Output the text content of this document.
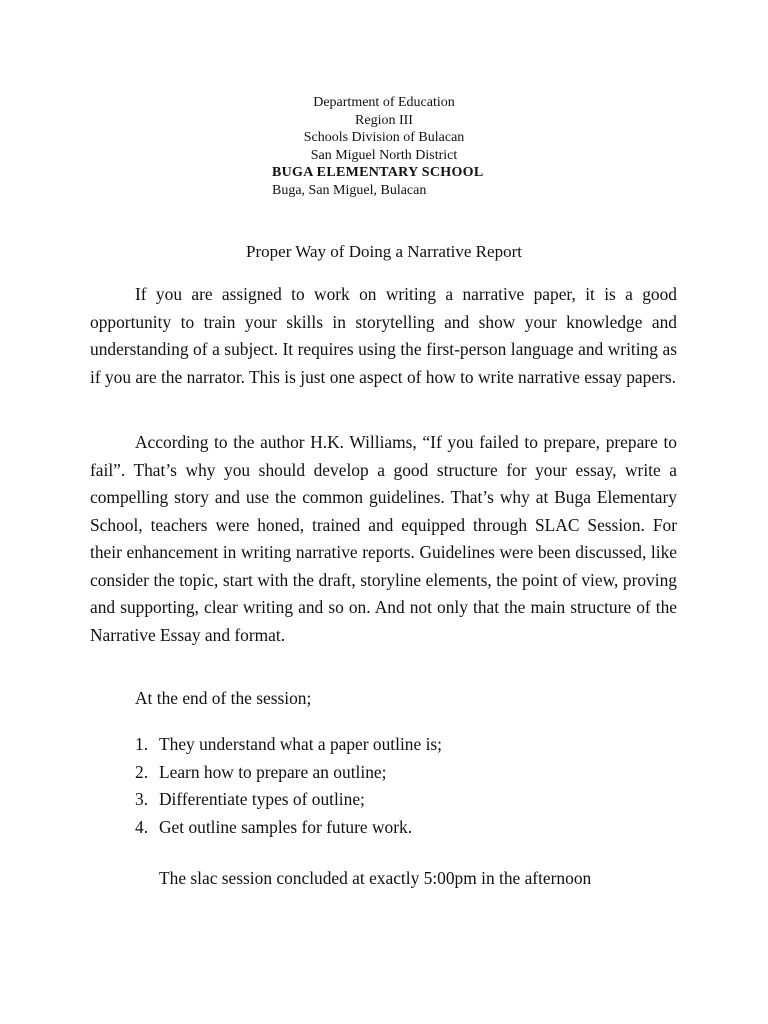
Department of Education
Region III
Schools Division of Bulacan
San Miguel North District
BUGA ELEMENTARY SCHOOL
Buga, San Miguel, Bulacan
Proper Way of Doing a Narrative Report

If you are assigned to work on writing a narrative paper, it is a good opportunity to train your skills in storytelling and show your knowledge and understanding of a subject. It requires using the first-person language and writing as if you are the narrator. This is just one aspect of how to write narrative essay papers.

According to the author H.K. Williams, “If you failed to prepare, prepare to fail”. That’s why you should develop a good structure for your essay, write a compelling story and use the common guidelines. That’s why at Buga Elementary School, teachers were honed, trained and equipped through SLAC Session. For their enhancement in writing narrative reports. Guidelines were been discussed, like consider the topic, start with the draft, storyline elements, the point of view, proving and supporting, clear writing and so on. And not only that the main structure of the Narrative Essay and format.

At the end of the session;

1. They understand what a paper outline is;
2. Learn how to prepare an outline;
3. Differentiate types of outline;
4. Get outline samples for future work.

The slac session concluded at exactly 5:00pm in the afternoon
